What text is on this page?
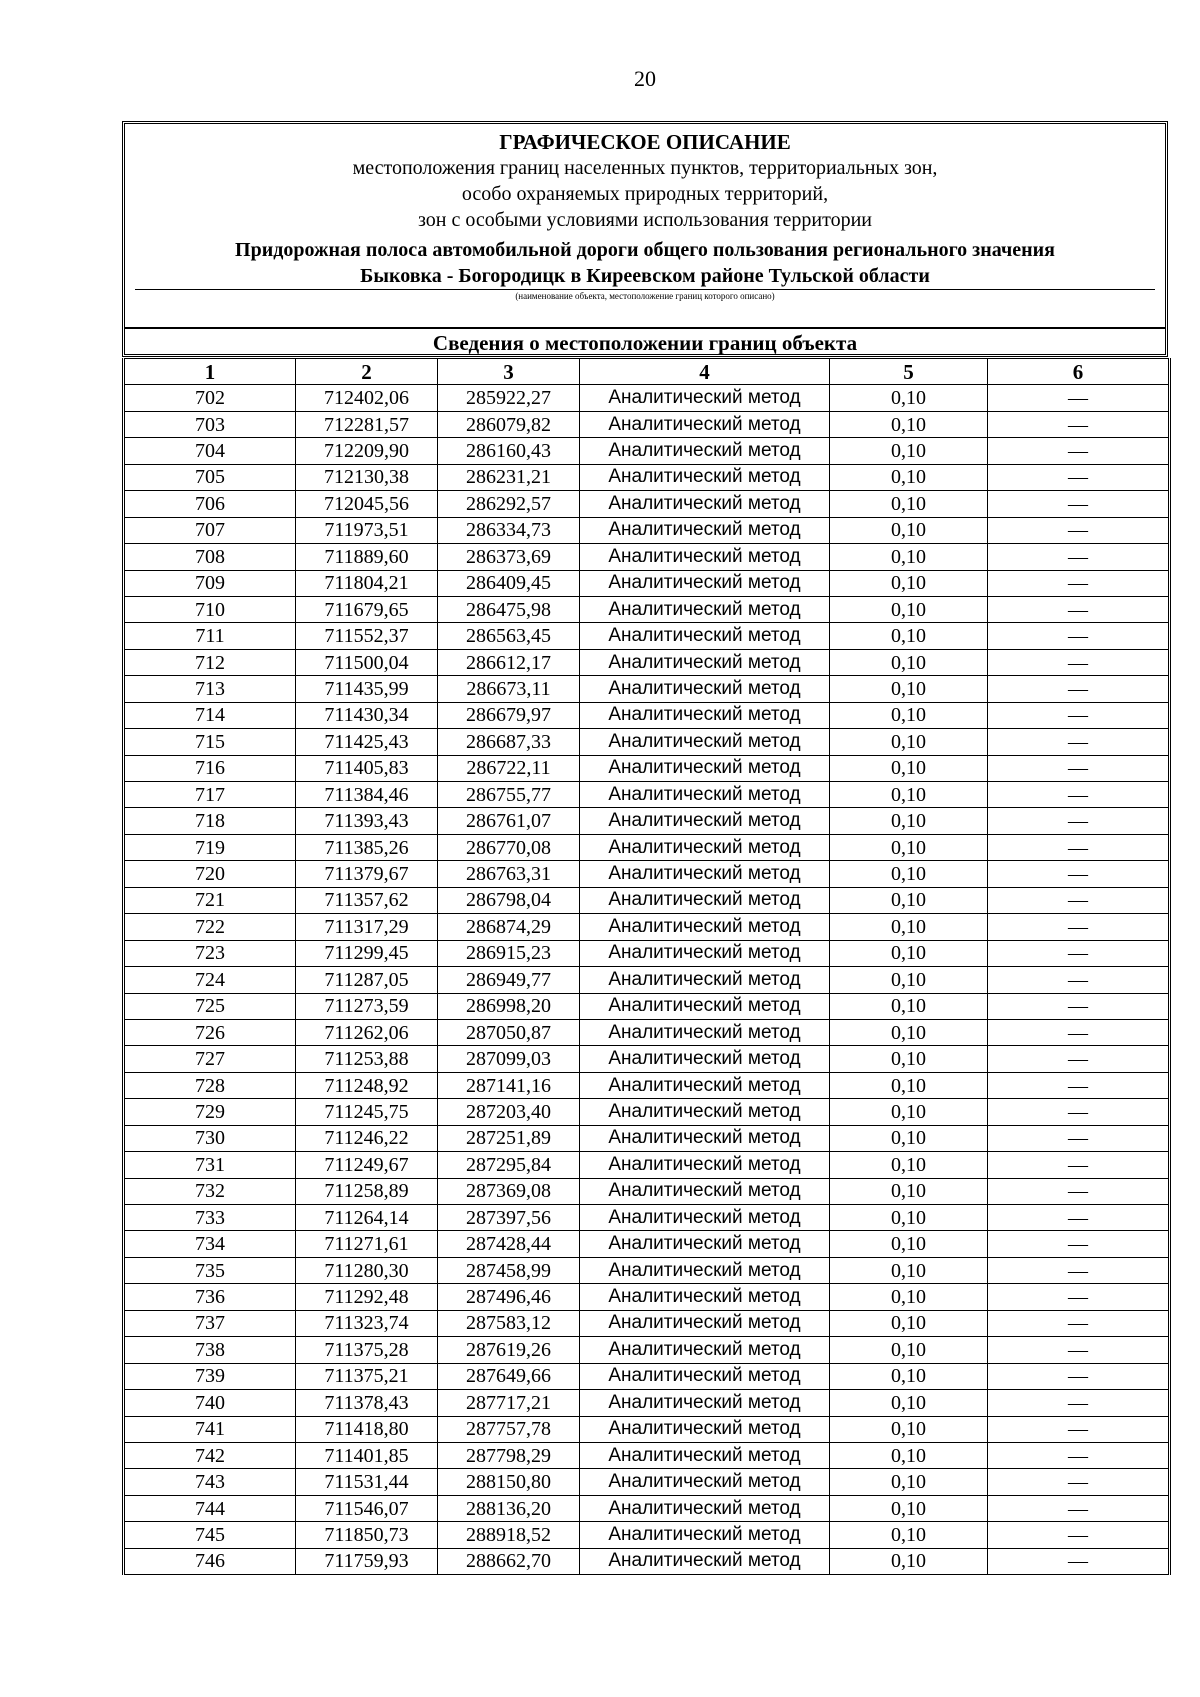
20
ГРАФИЧЕСКОЕ ОПИСАНИЕ
местоположения границ населенных пунктов, территориальных зон,
особо охраняемых природных территорий,
зон с особыми условиями использования территории
Придорожная полоса автомобильной дороги общего пользования регионального значения
Быковка - Богородицк в Киреевском районе Тульской области
(наименование объекта, местоположение границ которого описано)
Сведения о местоположении границ объекта
1	2	3	4	5	6
702	712402,06	285922,27	Аналитический метод	0,10	—
703	712281,57	286079,82	Аналитический метод	0,10	—
704	712209,90	286160,43	Аналитический метод	0,10	—
705	712130,38	286231,21	Аналитический метод	0,10	—
706	712045,56	286292,57	Аналитический метод	0,10	—
707	711973,51	286334,73	Аналитический метод	0,10	—
708	711889,60	286373,69	Аналитический метод	0,10	—
709	711804,21	286409,45	Аналитический метод	0,10	—
710	711679,65	286475,98	Аналитический метод	0,10	—
711	711552,37	286563,45	Аналитический метод	0,10	—
712	711500,04	286612,17	Аналитический метод	0,10	—
713	711435,99	286673,11	Аналитический метод	0,10	—
714	711430,34	286679,97	Аналитический метод	0,10	—
715	711425,43	286687,33	Аналитический метод	0,10	—
716	711405,83	286722,11	Аналитический метод	0,10	—
717	711384,46	286755,77	Аналитический метод	0,10	—
718	711393,43	286761,07	Аналитический метод	0,10	—
719	711385,26	286770,08	Аналитический метод	0,10	—
720	711379,67	286763,31	Аналитический метод	0,10	—
721	711357,62	286798,04	Аналитический метод	0,10	—
722	711317,29	286874,29	Аналитический метод	0,10	—
723	711299,45	286915,23	Аналитический метод	0,10	—
724	711287,05	286949,77	Аналитический метод	0,10	—
725	711273,59	286998,20	Аналитический метод	0,10	—
726	711262,06	287050,87	Аналитический метод	0,10	—
727	711253,88	287099,03	Аналитический метод	0,10	—
728	711248,92	287141,16	Аналитический метод	0,10	—
729	711245,75	287203,40	Аналитический метод	0,10	—
730	711246,22	287251,89	Аналитический метод	0,10	—
731	711249,67	287295,84	Аналитический метод	0,10	—
732	711258,89	287369,08	Аналитический метод	0,10	—
733	711264,14	287397,56	Аналитический метод	0,10	—
734	711271,61	287428,44	Аналитический метод	0,10	—
735	711280,30	287458,99	Аналитический метод	0,10	—
736	711292,48	287496,46	Аналитический метод	0,10	—
737	711323,74	287583,12	Аналитический метод	0,10	—
738	711375,28	287619,26	Аналитический метод	0,10	—
739	711375,21	287649,66	Аналитический метод	0,10	—
740	711378,43	287717,21	Аналитический метод	0,10	—
741	711418,80	287757,78	Аналитический метод	0,10	—
742	711401,85	287798,29	Аналитический метод	0,10	—
743	711531,44	288150,80	Аналитический метод	0,10	—
744	711546,07	288136,20	Аналитический метод	0,10	—
745	711850,73	288918,52	Аналитический метод	0,10	—
746	711759,93	288662,70	Аналитический метод	0,10	—
